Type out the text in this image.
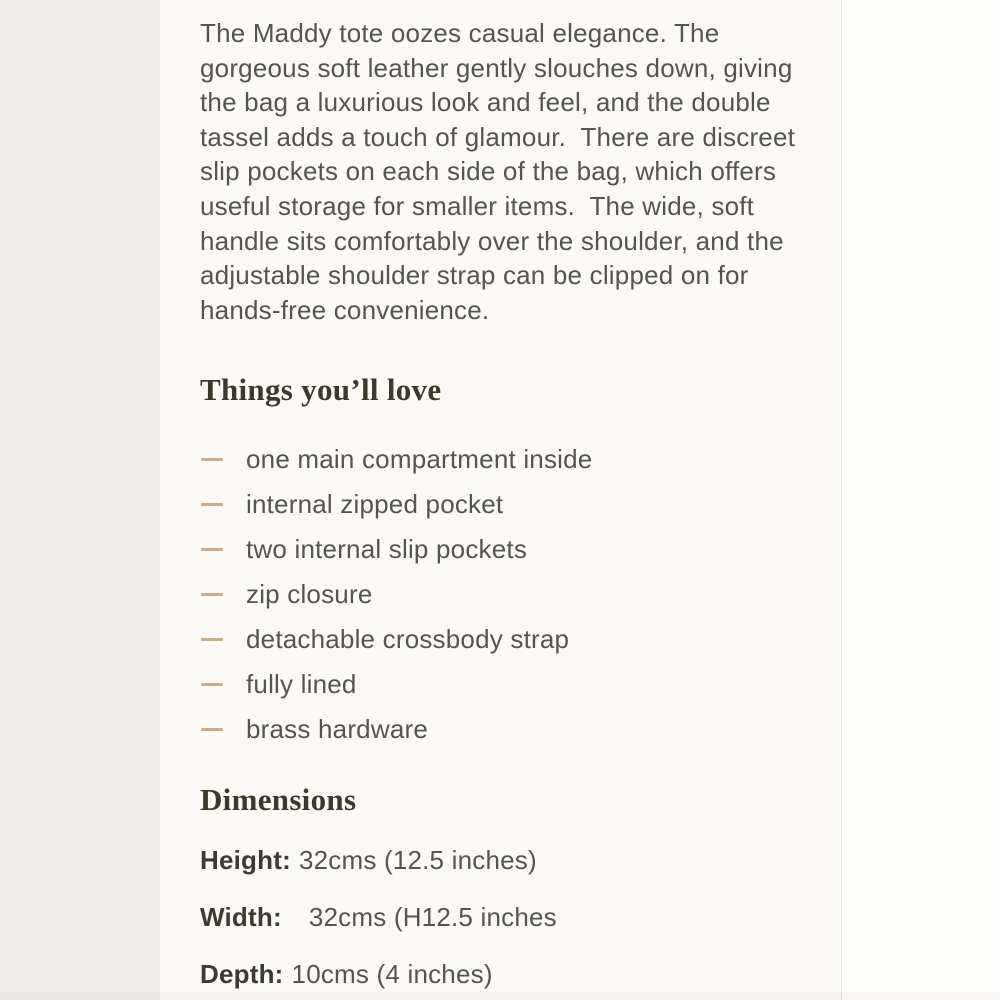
The Maddy tote oozes casual elegance. The
gorgeous soft leather gently slouches down, giving
the bag a luxurious look and feel, and the double
tassel adds a touch of glamour.  There are discreet
slip pockets on each side of the bag, which offers
useful storage for smaller items.  The wide, soft
handle sits comfortably over the shoulder, and the
adjustable shoulder strap can be clipped on for
hands-free convenience.
Things you’ll love
one main compartment inside
internal zipped pocket
two internal slip pockets
zip closure
detachable crossbody strap
fully lined
brass hardware
Dimensions
Height: 32cms (12.5 inches)
Width: 32cms (H12.5 inches
Depth: 10cms (4 inches)
